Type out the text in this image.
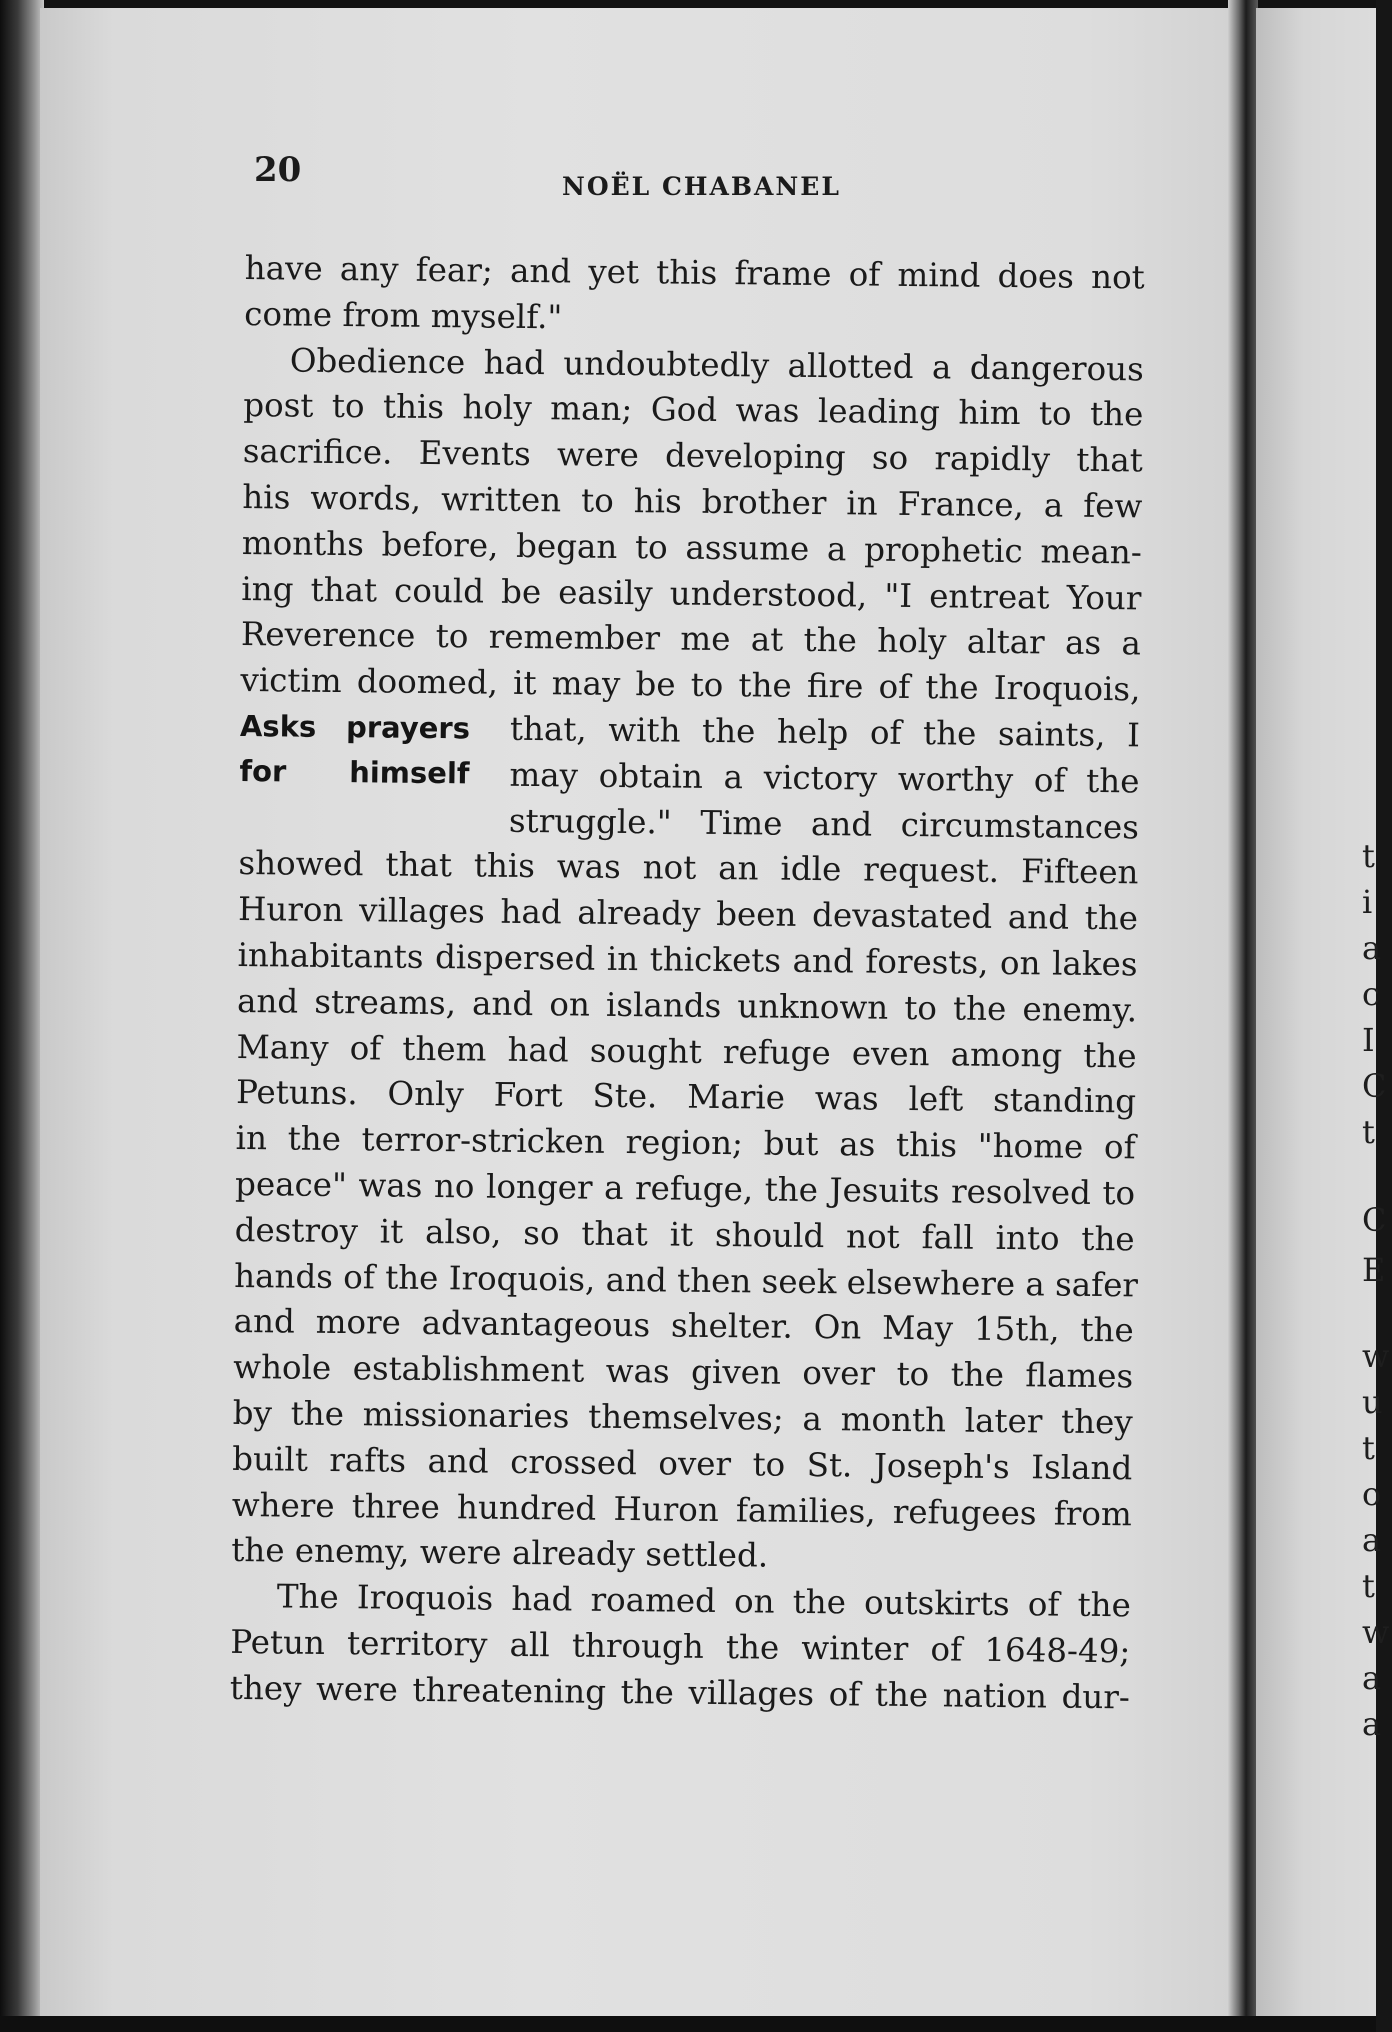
20	NOËL CHABANEL
have any fear; and yet this frame of mind does not
come from myself."
Obedience had undoubtedly allotted a dangerous
post to this holy man; God was leading him to the
sacrifice. Events were developing so rapidly that
his words, written to his brother in France, a few
months before, began to assume a prophetic mean-
ing that could be easily understood, "I entreat Your
Reverence to remember me at the holy altar as a
victim doomed, it may be to the fire of the Iroquois,
Asks prayers
for himself
that, with the help of the saints, I
may obtain a victory worthy of the
struggle." Time and circumstances
showed that this was not an idle request. Fifteen
Huron villages had already been devastated and the
inhabitants dispersed in thickets and forests, on lakes
and streams, and on islands unknown to the enemy.
Many of them had sought refuge even among the
Petuns. Only Fort Ste. Marie was left standing
in the terror-stricken region; but as this "home of
peace" was no longer a refuge, the Jesuits resolved to
destroy it also, so that it should not fall into the
hands of the Iroquois, and then seek elsewhere a safer
and more advantageous shelter. On May 15th, the
whole establishment was given over to the flames
by the missionaries themselves; a month later they
built rafts and crossed over to St. Joseph's Island
where three hundred Huron families, refugees from
the enemy, were already settled.
The Iroquois had roamed on the outskirts of the
Petun territory all through the winter of 1648-49;
they were threatening the villages of the nation dur-
t
i
a
c
I
C
t
C
E
w
u
t
o
a
t
w
a
a
